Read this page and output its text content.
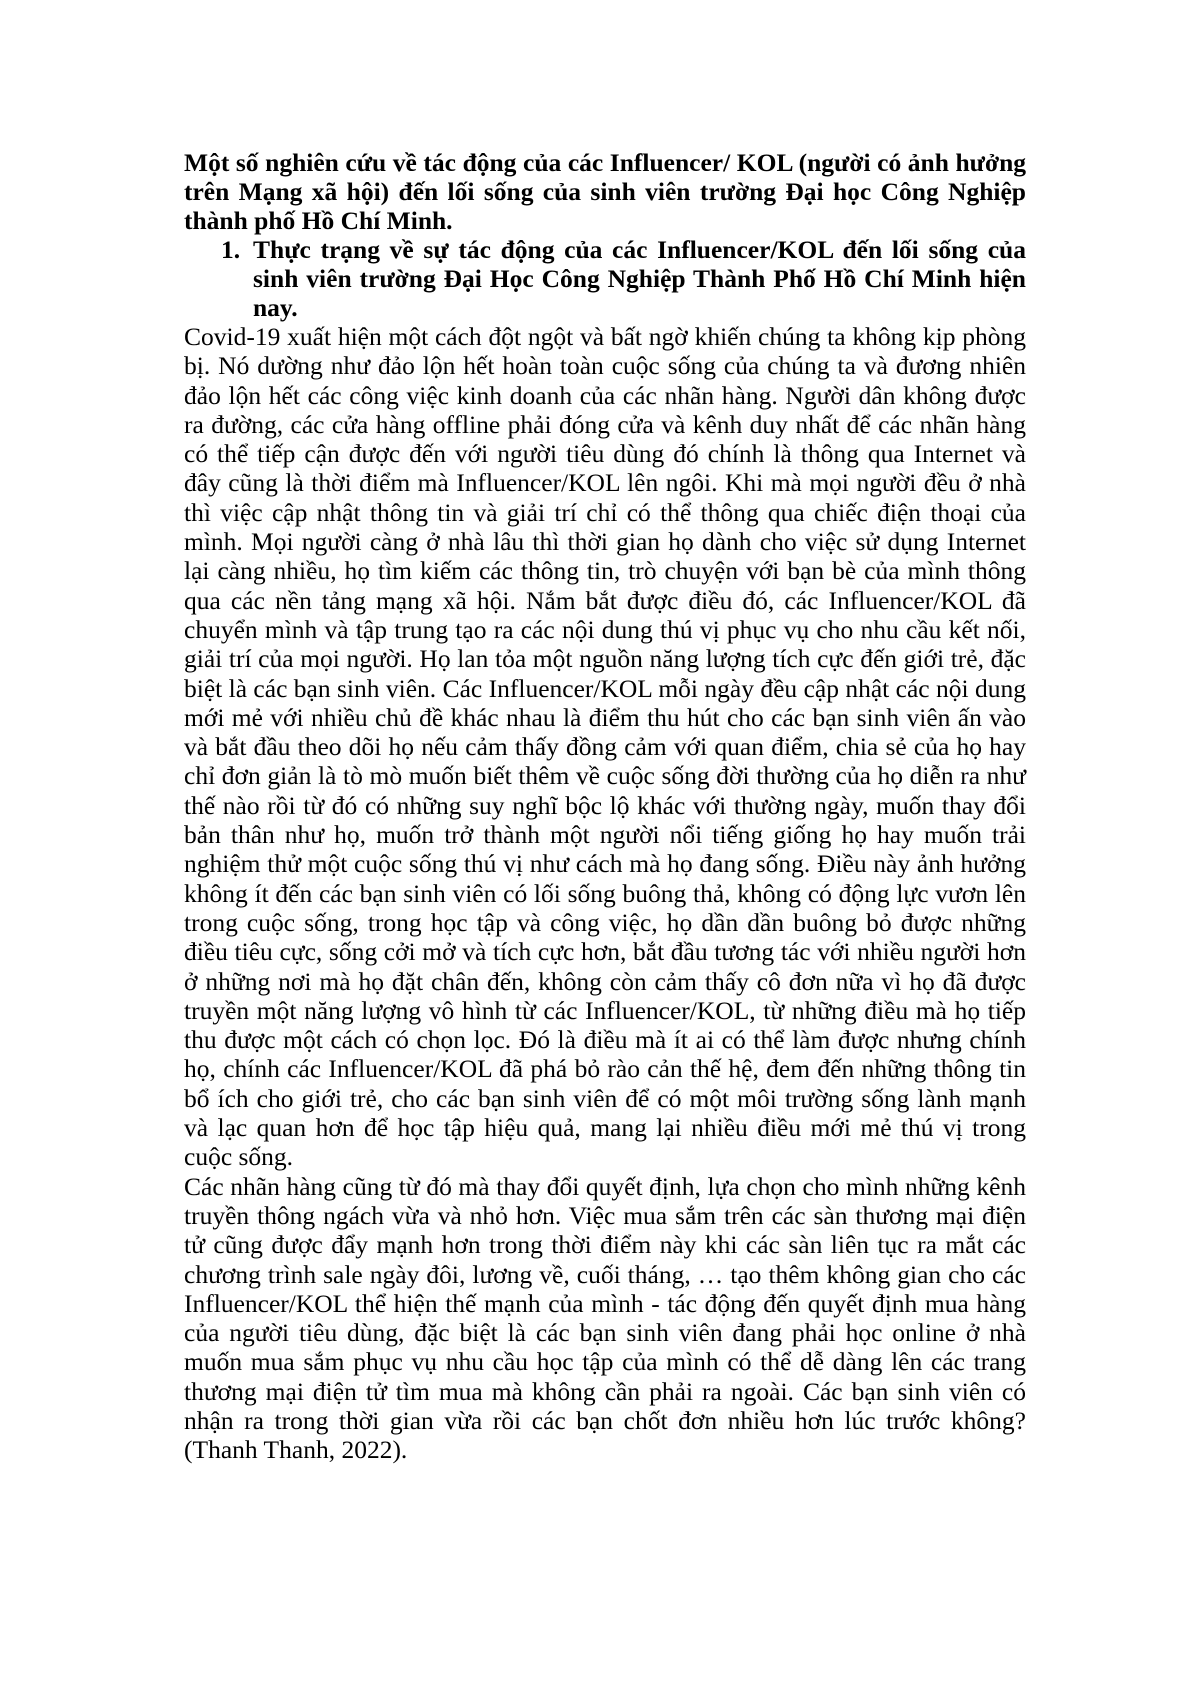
Một số nghiên cứu về tác động của các Influencer/ KOL (người có ảnh hưởng trên Mạng xã hội) đến lối sống của sinh viên trường Đại học Công Nghiệp thành phố Hồ Chí Minh.

1. Thực trạng về sự tác động của các Influencer/KOL đến lối sống của sinh viên trường Đại Học Công Nghiệp Thành Phố Hồ Chí Minh hiện nay.

Covid-19 xuất hiện một cách đột ngột và bất ngờ khiến chúng ta không kịp phòng bị. Nó dường như đảo lộn hết hoàn toàn cuộc sống của chúng ta và đương nhiên đảo lộn hết các công việc kinh doanh của các nhãn hàng. Người dân không được ra đường, các cửa hàng offline phải đóng cửa và kênh duy nhất để các nhãn hàng có thể tiếp cận được đến với người tiêu dùng đó chính là thông qua Internet và đây cũng là thời điểm mà Influencer/KOL lên ngôi. Khi mà mọi người đều ở nhà thì việc cập nhật thông tin và giải trí chỉ có thể thông qua chiếc điện thoại của mình. Mọi người càng ở nhà lâu thì thời gian họ dành cho việc sử dụng Internet lại càng nhiều, họ tìm kiếm các thông tin, trò chuyện với bạn bè của mình thông qua các nền tảng mạng xã hội. Nắm bắt được điều đó, các Influencer/KOL đã chuyển mình và tập trung tạo ra các nội dung thú vị phục vụ cho nhu cầu kết nối, giải trí của mọi người. Họ lan tỏa một nguồn năng lượng tích cực đến giới trẻ, đặc biệt là các bạn sinh viên. Các Influencer/KOL mỗi ngày đều cập nhật các nội dung mới mẻ với nhiều chủ đề khác nhau là điểm thu hút cho các bạn sinh viên ấn vào và bắt đầu theo dõi họ nếu cảm thấy đồng cảm với quan điểm, chia sẻ của họ hay chỉ đơn giản là tò mò muốn biết thêm về cuộc sống đời thường của họ diễn ra như thế nào rồi từ đó có những suy nghĩ bộc lộ khác với thường ngày, muốn thay đổi bản thân như họ, muốn trở thành một người nổi tiếng giống họ hay muốn trải nghiệm thử một cuộc sống thú vị như cách mà họ đang sống. Điều này ảnh hưởng không ít đến các bạn sinh viên có lối sống buông thả, không có động lực vươn lên trong cuộc sống, trong học tập và công việc, họ dần dần buông bỏ được những điều tiêu cực, sống cởi mở và tích cực hơn, bắt đầu tương tác với nhiều người hơn ở những nơi mà họ đặt chân đến, không còn cảm thấy cô đơn nữa vì họ đã được truyền một năng lượng vô hình từ các Influencer/KOL, từ những điều mà họ tiếp thu được một cách có chọn lọc. Đó là điều mà ít ai có thể làm được nhưng chính họ, chính các Influencer/KOL đã phá bỏ rào cản thế hệ, đem đến những thông tin bổ ích cho giới trẻ, cho các bạn sinh viên để có một môi trường sống lành mạnh và lạc quan hơn để học tập hiệu quả, mang lại nhiều điều mới mẻ thú vị trong cuộc sống.

Các nhãn hàng cũng từ đó mà thay đổi quyết định, lựa chọn cho mình những kênh truyền thông ngách vừa và nhỏ hơn. Việc mua sắm trên các sàn thương mại điện tử cũng được đẩy mạnh hơn trong thời điểm này khi các sàn liên tục ra mắt các chương trình sale ngày đôi, lương về, cuối tháng, … tạo thêm không gian cho các Influencer/KOL thể hiện thế mạnh của mình - tác động đến quyết định mua hàng của người tiêu dùng, đặc biệt là các bạn sinh viên đang phải học online ở nhà muốn mua sắm phục vụ nhu cầu học tập của mình có thể dễ dàng lên các trang thương mại điện tử tìm mua mà không cần phải ra ngoài. Các bạn sinh viên có nhận ra trong thời gian vừa rồi các bạn chốt đơn nhiều hơn lúc trước không? (Thanh Thanh, 2022).
